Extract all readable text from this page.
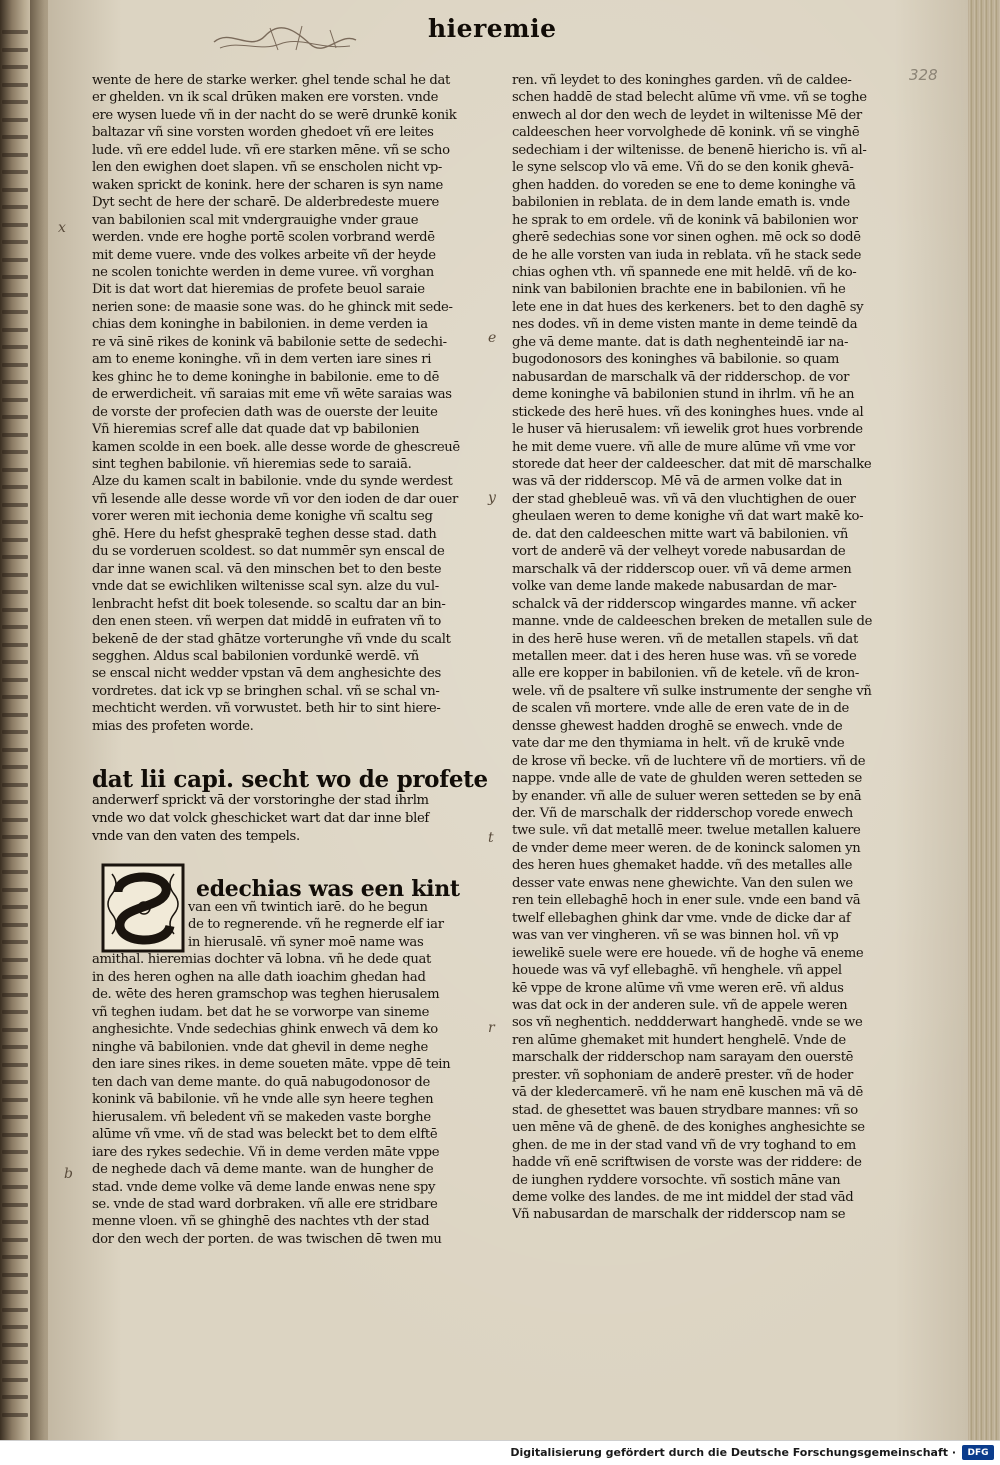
hieremie
328
x
e
y
t
r
b
wente de here de starke werker. ghel tende schal he dat
er ghelden. vn ik scal drūken maken ere vorsten. vnde
ere wysen luede vñ in der nacht do se werē drunkē konik
baltazar vñ sine vorsten worden ghedoet vñ ere leites
lude. vñ ere eddel lude. vñ ere starken mēne. vñ se scho
len den ewighen doet slapen. vñ se enscholen nicht vp-
waken sprickt de konink. here der scharen is syn name
Dyt secht de here der scharē. De alderbredeste muere
van babilonien scal mit vndergrauighe vnder graue
werden. vnde ere hoghe portē scolen vorbrand werdē
mit deme vuere. vnde des volkes arbeite vñ der heyde
ne scolen tonichte werden in deme vuree. vñ vorghan
Dit is dat wort dat hieremias de profete beuol saraie
nerien sone: de maasie sone was. do he ghinck mit sede-
chias dem koninghe in babilonien. in deme verden ia
re vā sinē rikes de konink vā babilonie sette de sedechi-
am to eneme koninghe. vñ in dem verten iare sines ri
kes ghinc he to deme koninghe in babilonie. eme to dē
de erwerdicheit. vñ saraias mit eme vñ wēte saraias was
de vorste der profecien dath was de ouerste der leuite
Vñ hieremias scref alle dat quade dat vp babilonien
kamen scolde in een boek. alle desse worde de ghescreuē
sint teghen babilonie. vñ hieremias sede to saraiā.
Alze du kamen scalt in babilonie. vnde du synde werdest
vñ lesende alle desse worde vñ vor den ioden de dar ouer
vorer weren mit iechonia deme konighe vñ scaltu seg
ghē. Here du hefst ghesprakē teghen desse stad. dath
du se vorderuen scoldest. so dat nummēr syn enscal de
dar inne wanen scal. vā den minschen bet to den beste
vnde dat se ewichliken wiltenisse scal syn. alze du vul-
lenbracht hefst dit boek tolesende. so scaltu dar an bin-
den enen steen. vñ werpen dat middē in eufraten vñ to
bekenē de der stad ghātze vorterunghe vñ vnde du scalt
segghen. Aldus scal babilonien vordunkē werdē. vñ
se enscal nicht wedder vpstan vā dem anghesichte des
vordretes. dat ick vp se bringhen schal. vñ se schal vn-
mechticht werden. vñ vorwustet. beth hir to sint hiere-
mias des profeten worde.
dat lii capi. secht wo de profete
anderwerf sprickt vā der vorstoringhe der stad ihrlm
vnde wo dat volck gheschicket wart dat dar inne blef
vnde van den vaten des tempels.
edechias was een kint
van een vñ twintich iarē. do he begun
de to regnerende. vñ he regnerde elf iar
in hierusalē. vñ syner moē name was
amithal. hieremias dochter vā lobna. vñ he dede quat
in des heren oghen na alle dath ioachim ghedan had
de. wēte des heren gramschop was teghen hierusalem
vñ teghen iudam. bet dat he se vorworpe van sineme
anghesichte. Vnde sedechias ghink enwech vā dem ko
ninghe vā babilonien. vnde dat ghevil in deme neghe
den iare sines rikes. in deme soueten māte. vppe dē tein
ten dach van deme mante. do quā nabugodonosor de
konink vā babilonie. vñ he vnde alle syn heere teghen
hierusalem. vñ beledent vñ se makeden vaste borghe
alūme vñ vme. vñ de stad was beleckt bet to dem elftē
iare des rykes sedechie. Vñ in deme verden māte vppe
de neghede dach vā deme mante. wan de hungher de
stad. vnde deme volke vā deme lande enwas nene spy
se. vnde de stad ward dorbraken. vñ alle ere stridbare
menne vloen. vñ se ghinghē des nachtes vth der stad
dor den wech der porten. de was twischen dē twen mu
ren. vñ leydet to des koninghes garden. vñ de caldee-
schen haddē de stad belecht alūme vñ vme. vñ se toghe
enwech al dor den wech de leydet in wiltenisse Mē der
caldeeschen heer vorvolghede dē konink. vñ se vinghē
sedechiam i der wiltenisse. de benenē hiericho is. vñ al-
le syne selscop vlo vā eme. Vñ do se den konik ghevā-
ghen hadden. do voreden se ene to deme koninghe vā
babilonien in reblata. de in dem lande emath is. vnde
he sprak to em ordele. vñ de konink vā babilonien wor
gherē sedechias sone vor sinen oghen. mē ock so dodē
de he alle vorsten van iuda in reblata. vñ he stack sede
chias oghen vth. vñ spannede ene mit heldē. vñ de ko-
nink van babilonien brachte ene in babilonien. vñ he
lete ene in dat hues des kerkeners. bet to den daghē sy
nes dodes. vñ in deme visten mante in deme teindē da
ghe vā deme mante. dat is dath neghenteindē iar na-
bugodonosors des koninghes vā babilonie. so quam
nabusardan de marschalk vā der ridderschop. de vor
deme koninghe vā babilonien stund in ihrlm. vñ he an
stickede des herē hues. vñ des koninghes hues. vnde al
le huser vā hierusalem: vñ iewelik grot hues vorbrende
he mit deme vuere. vñ alle de mure alūme vñ vme vor
storede dat heer der caldeescher. dat mit dē marschalke
was vā der ridderscop. Mē vā de armen volke dat in
der stad ghebleuē was. vñ vā den vluchtighen de ouer
gheulaen weren to deme konighe vñ dat wart makē ko-
de. dat den caldeeschen mitte wart vā babilonien. vñ
vort de anderē vā der velheyt vorede nabusardan de
marschalk vā der ridderscop ouer. vñ vā deme armen
volke van deme lande makede nabusardan de mar-
schalck vā der ridderscop wingardes manne. vñ acker
manne. vnde de caldeeschen breken de metallen sule de
in des herē huse weren. vñ de metallen stapels. vñ dat
metallen meer. dat i des heren huse was. vñ se vorede
alle ere kopper in babilonien. vñ de ketele. vñ de kron-
wele. vñ de psaltere vñ sulke instrumente der senghe vñ
de scalen vñ mortere. vnde alle de eren vate de in de
densse ghewest hadden droghē se enwech. vnde de
vate dar me den thymiama in helt. vñ de krukē vnde
de krose vñ becke. vñ de luchtere vñ de mortiers. vñ de
nappe. vnde alle de vate de ghulden weren setteden se
by enander. vñ alle de suluer weren setteden se by enā
der. Vñ de marschalk der ridderschop vorede enwech
twe sule. vñ dat metallē meer. twelue metallen kaluere
de vnder deme meer weren. de de koninck salomen yn
des heren hues ghemaket hadde. vñ des metalles alle
desser vate enwas nene ghewichte. Van den sulen we
ren tein ellebaghē hoch in ener sule. vnde een band vā
twelf ellebaghen ghink dar vme. vnde de dicke dar af
was van ver vingheren. vñ se was binnen hol. vñ vp
iewelikē suele were ere houede. vñ de hoghe vā eneme
houede was vā vyf ellebaghē. vñ henghele. vñ appel
kē vppe de krone alūme vñ vme weren erē. vñ aldus
was dat ock in der anderen sule. vñ de appele weren
sos vñ neghentich. neddderwart hanghedē. vnde se we
ren alūme ghemaket mit hundert henghelē. Vnde de
marschalk der ridderschop nam sarayam den ouerstē
prester. vñ sophoniam de anderē prester. vñ de hoder
vā der kledercamerē. vñ he nam enē kuschen mā vā dē
stad. de ghesettet was bauen strydbare mannes: vñ so
uen mēne vā de ghenē. de des konighes anghesichte se
ghen. de me in der stad vand vñ de vry toghand to em
hadde vñ enē scriftwisen de vorste was der riddere: de
de iunghen ryddere vorsochte. vñ sostich māne van
deme volke des landes. de me int middel der stad vād
Vñ nabusardan de marschalk der ridderscop nam se
Digitalisierung gefördert durch die Deutsche Forschungsgemeinschaft ·	DFG
